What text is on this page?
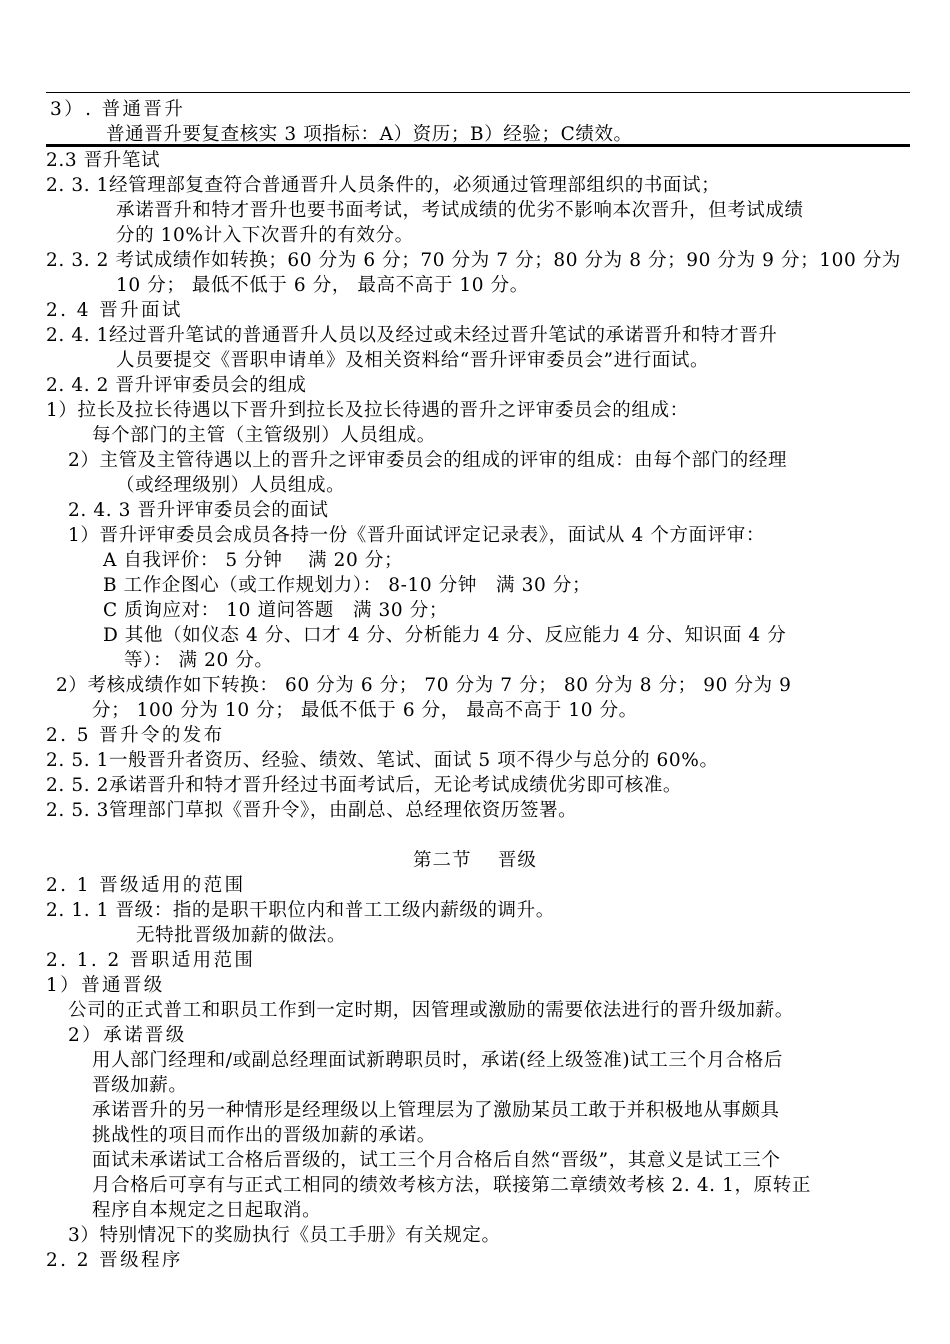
3）. 普通晋升
普通晋升要复查核实 3 项指标：A）资历；B）经验；C绩效。
2.3 晋升笔试
2. 3. 1经管理部复查符合普通晋升人员条件的，必须通过管理部组织的书面试；
承诺晋升和特才晋升也要书面考试，考试成绩的优劣不影响本次晋升，但考试成绩
分的 10%计入下次晋升的有效分。
2. 3. 2 考试成绩作如转换；60 分为 6 分；70 分为 7 分；80 分为 8 分；90 分为 9 分；100 分为
10 分； 最低不低于 6 分， 最高不高于 10 分。
2. 4 晋升面试
2. 4. 1经过晋升笔试的普通晋升人员以及经过或未经过晋升笔试的承诺晋升和特才晋升
人员要提交《晋职申请单》及相关资料给“晋升评审委员会”进行面试。
2. 4. 2 晋升评审委员会的组成
1）拉长及拉长待遇以下晋升到拉长及拉长待遇的晋升之评审委员会的组成：
每个部门的主管（主管级别）人员组成。
2）主管及主管待遇以上的晋升之评审委员会的组成的评审的组成：由每个部门的经理
（或经理级别）人员组成。
2. 4. 3 晋升评审委员会的面试
1）晋升评审委员会成员各持一份《晋升面试评定记录表》，面试从 4 个方面评审：
A 自我评价： 5 分钟　 满 20 分；
B 工作企图心（或工作规划力）： 8-10 分钟　满 30 分；
C 质询应对： 10 道问答题　满 30 分；
D 其他（如仪态 4 分、口才 4 分、分析能力 4 分、反应能力 4 分、知识面 4 分
等）： 满 20 分。
2）考核成绩作如下转换： 60 分为 6 分； 70 分为 7 分； 80 分为 8 分； 90 分为 9
分； 100 分为 10 分； 最低不低于 6 分， 最高不高于 10 分。
2. 5 晋升令的发布
2. 5. 1一般晋升者资历、经验、绩效、笔试、面试 5 项不得少与总分的 60%。
2. 5. 2承诺晋升和特才晋升经过书面考试后，无论考试成绩优劣即可核准。
2. 5. 3管理部门草拟《晋升令》，由副总、总经理依资历签署。
第二节　 晋级
2. 1 晋级适用的范围
2. 1. 1 晋级：指的是职干职位内和普工工级内薪级的调升。
无特批晋级加薪的做法。
2. 1. 2 晋职适用范围
1）普通晋级
公司的正式普工和职员工作到一定时期，因管理或激励的需要依法进行的晋升级加薪。
2）承诺晋级
用人部门经理和/或副总经理面试新聘职员时，承诺(经上级签准)试工三个月合格后
晋级加薪。
承诺晋升的另一种情形是经理级以上管理层为了激励某员工敢于并积极地从事颇具
挑战性的项目而作出的晋级加薪的承诺。
面试未承诺试工合格后晋级的，试工三个月合格后自然“晋级”，其意义是试工三个
月合格后可享有与正式工相同的绩效考核方法，联接第二章绩效考核 2. 4. 1，原转正
程序自本规定之日起取消。
3）特别情况下的奖励执行《员工手册》有关规定。
2. 2 晋级程序
